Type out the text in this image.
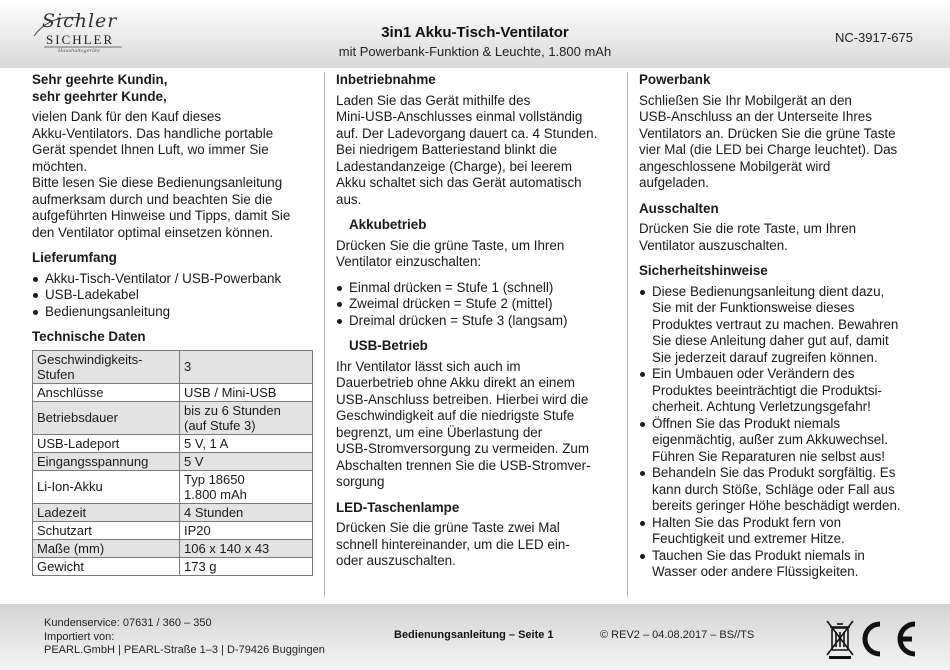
Sichler
SICHLER
Haushaltsgeräte
3in1 Akku-Tisch-Ventilator
mit Powerbank-Funktion & Leuchte, 1.800 mAh
NC-3917-675
Sehr geehrte Kundin,
sehr geehrter Kunde,

vielen Dank für den Kauf dieses
Akku-Ventilators. Das handliche portable
Gerät spendet Ihnen Luft, wo immer Sie
möchten.
Bitte lesen Sie diese Bedienungsanleitung
aufmerksam durch und beachten Sie die
aufgeführten Hinweise und Tipps, damit Sie
den Ventilator optimal einsetzen können.

Lieferumfang
Akku-Tisch-Ventilator / USB-Powerbank
USB-Ladekabel
Bedienungsanleitung
Technische Daten
Geschwindigkeits-
Stufen	3
Anschlüsse	USB / Mini-USB
Betriebsdauer	bis zu 6 Stunden
(auf Stufe 3)
USB-Ladeport	5 V, 1 A
Eingangsspannung	5 V
Li-Ion-Akku	Typ 18650
1.800 mAh
Ladezeit	4 Stunden
Schutzart	IP20
Maße (mm)	106 x 140 x 43
Gewicht	173 g
Inbetriebnahme

Laden Sie das Gerät mithilfe des
Mini-USB-Anschlusses einmal vollständig
auf. Der Ladevorgang dauert ca. 4 Stunden.
Bei niedrigem Batteriestand blinkt die
Ladestandanzeige (Charge), bei leerem
Akku schaltet sich das Gerät automatisch
aus.

Akkubetrieb

Drücken Sie die grüne Taste, um Ihren
Ventilator einzuschalten:

Einmal drücken = Stufe 1 (schnell)
Zweimal drücken = Stufe 2 (mittel)
Dreimal drücken = Stufe 3 (langsam)
USB-Betrieb

Ihr Ventilator lässt sich auch im
Dauerbetrieb ohne Akku direkt an einem
USB-Anschluss betreiben. Hierbei wird die
Geschwindigkeit auf die niedrigste Stufe
begrenzt, um eine Überlastung der
USB-Stromversorgung zu vermeiden. Zum
Abschalten trennen Sie die USB-Stromver-
sorgung

LED-Taschenlampe

Drücken Sie die grüne Taste zwei Mal
schnell hintereinander, um die LED ein-
oder auszuschalten.

Powerbank

Schließen Sie Ihr Mobilgerät an den
USB-Anschluss an der Unterseite Ihres
Ventilators an. Drücken Sie die grüne Taste
vier Mal (die LED bei Charge leuchtet). Das
angeschlossene Mobilgerät wird
aufgeladen.

Ausschalten

Drücken Sie die rote Taste, um Ihren
Ventilator auszuschalten.

Sicherheitshinweise
Diese Bedienungsanleitung dient dazu,
Sie mit der Funktionsweise dieses
Produktes vertraut zu machen. Bewahren
Sie diese Anleitung daher gut auf, damit
Sie jederzeit darauf zugreifen können.
Ein Umbauen oder Verändern des
Produktes beeinträchtigt die Produktsi-
cherheit. Achtung Verletzungsgefahr!
Öffnen Sie das Produkt niemals
eigenmächtig, außer zum Akkuwechsel.
Führen Sie Reparaturen nie selbst aus!
Behandeln Sie das Produkt sorgfältig. Es
kann durch Stöße, Schläge oder Fall aus
bereits geringer Höhe beschädigt werden.
Halten Sie das Produkt fern von
Feuchtigkeit und extremer Hitze.
Tauchen Sie das Produkt niemals in
Wasser oder andere Flüssigkeiten.
Kundenservice: 07631 / 360 – 350
Importiert von:
PEARL.GmbH | PEARL-Straße 1–3 | D-79426 Buggingen
Bedienungsanleitung – Seite 1	© REV2 – 04.08.2017 – BS//TS
